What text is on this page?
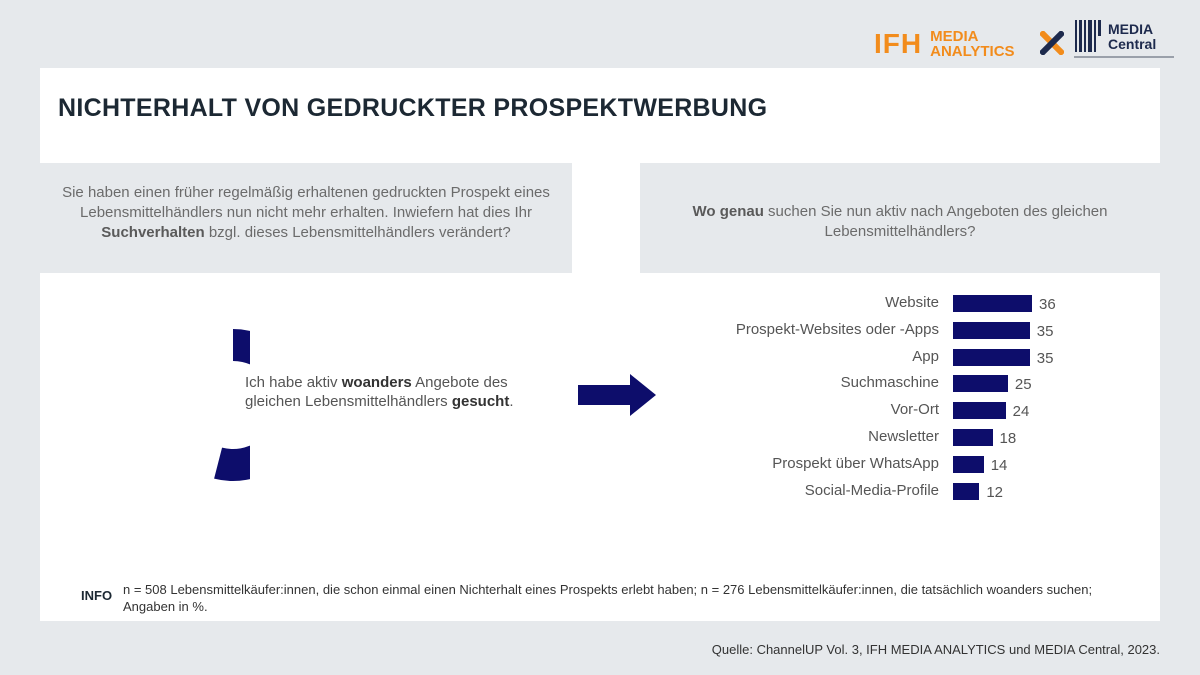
IFH MEDIA
ANALYTICS
MEDIA
Central
NICHTERHALT VON GEDRUCKTER PROSPEKTWERBUNG
Sie haben einen früher regelmäßig erhaltenen gedruckten Prospekt eines Lebensmittelhändlers nun nicht mehr erhalten. Inwiefern hat dies Ihr Suchverhalten bzgl. dieses Lebensmittelhändlers verändert?
Wo genau suchen Sie nun aktiv nach Angeboten des gleichen Lebensmittelhändlers?
54
Ich habe aktiv woanders Angebote des gleichen Lebensmittelhändlers gesucht.
Website	36
Prospekt-Websites oder -Apps	35
App	35
Suchmaschine	25
Vor-Ort	24
Newsletter	18
Prospekt über WhatsApp	14
Social-Media-Profile	12
INFO n = 508 Lebensmittelkäufer:innen, die schon einmal einen Nichterhalt eines Prospekts erlebt haben; n = 276 Lebensmittelkäufer:innen, die tatsächlich woanders suchen; Angaben in %.
Quelle: ChannelUP Vol. 3, IFH MEDIA ANALYTICS und MEDIA Central, 2023.
